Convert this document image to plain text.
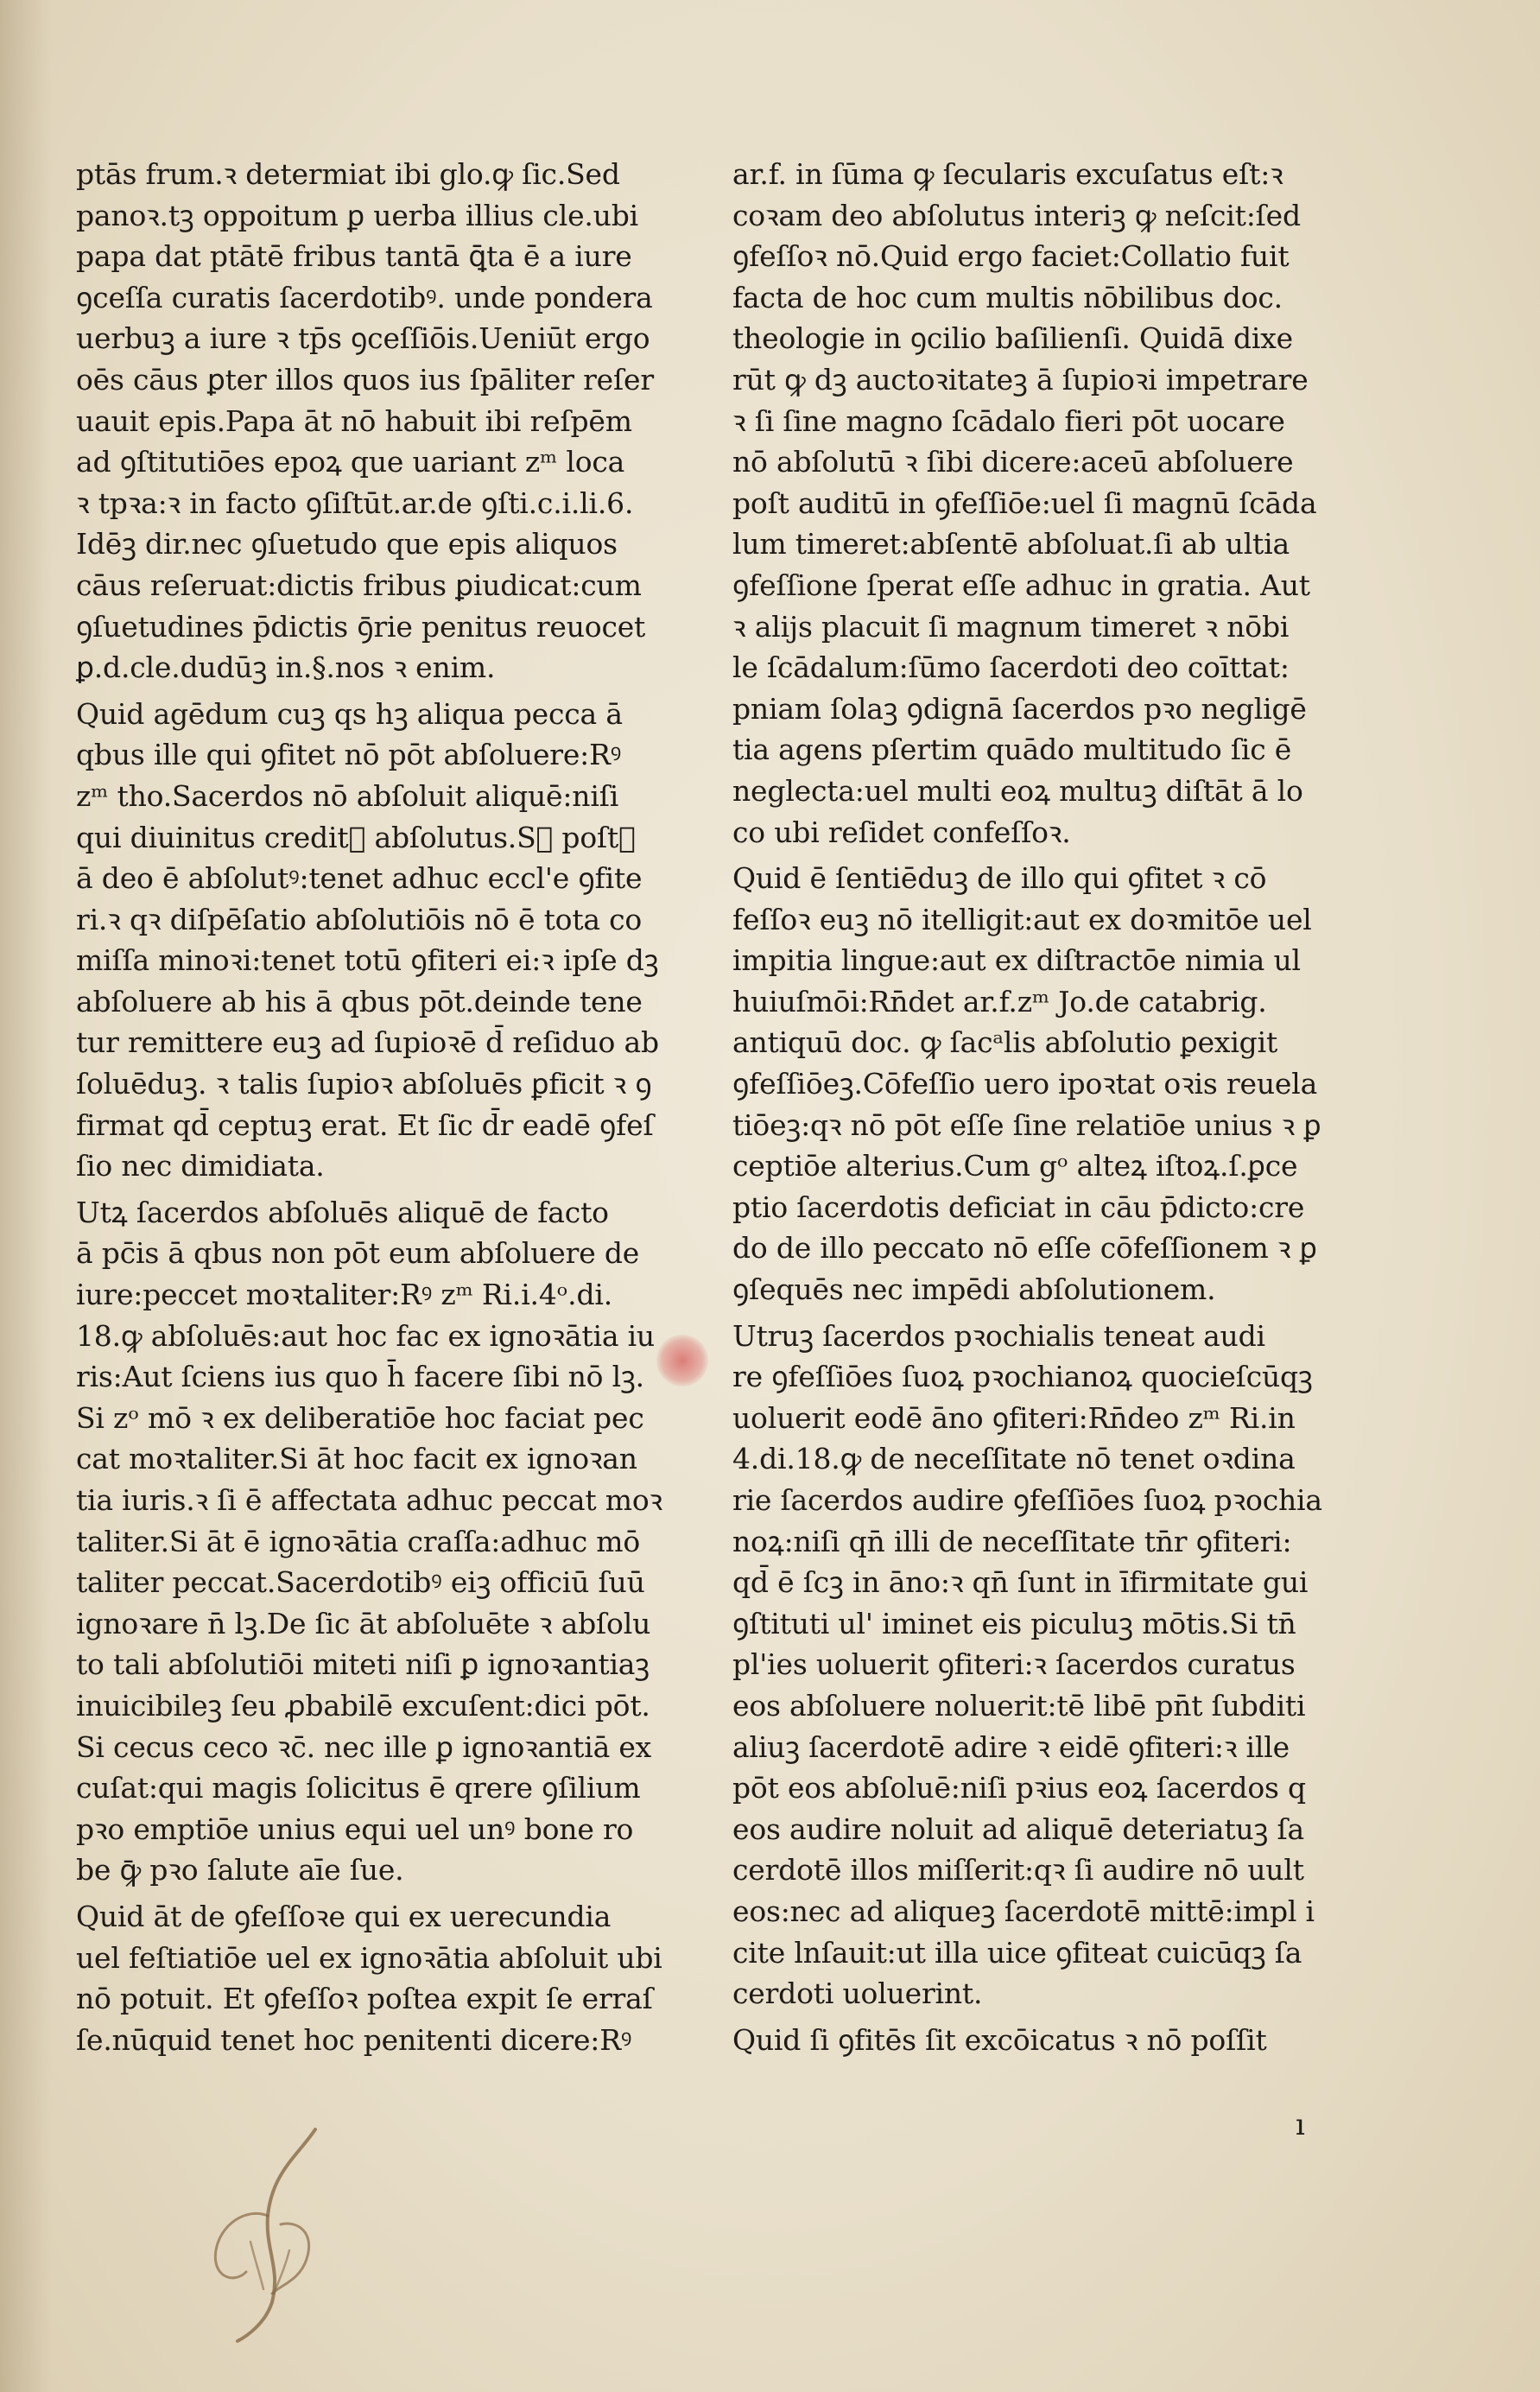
ptās frum.ꝛ determiat ibi glo.ꝙ ſic.Sed
panoꝛ.tꝫ oppoitum ꝑ uerba illius cle.ubi
papa dat ptātē fribus tantā ꝗ̄ta ē a iure
ꝯceſſa curatis ſacerdotibꝰ. unde pondera
uerbuꝫ a iure ꝛ tp̄s ꝯceſſiōis.Ueniūt ergo
oēs cāus ꝑter illos quos ius ſpāliter reſer
uauit epis.Papa āt nō habuit ibi reſpēm
ad ꝯſtitutiōes epoꝝ que uariant zᵐ loca
ꝛ tpꝛa:ꝛ in facto ꝯſiſtūt.ar.de ꝯſti.c.i.li.6.
Idēꝫ dir.nec ꝯſuetudo que epis aliquos
cāus reſeruat:dictis fribus ꝑiudicat:cum
ꝯſuetudines p̄dictis ꝯ̄rie penitus reuocet
ꝑ.d.cle.dudūꝫ in.§.nos ꝛ enim.
Quid agēdum cuꝫ qs hꝫ aliqua pecca ā
qbus ille qui ꝯfitet nō pōt abſoluere:Rꝰ
zᵐ tho.Sacerdos nō abſoluit aliquē:niſi
qui diuinitus creditᷣ abſolutus.Sꝫ poſtꝙ
ā deo ē abſolutꝰ:tenet adhuc eccl'e ꝯfite
ri.ꝛ qꝛ diſpēſatio abſolutiōis nō ē tota co
miſſa minoꝛi:tenet totū ꝯfiteri ei:ꝛ ipſe dꝫ
abſoluere ab his ā qbus pōt.deinde tene
tur remittere euꝫ ad ſupioꝛē d̄ reſiduo ab
ſoluēduꝫ. ꝛ talis ſupioꝛ abſoluēs ꝑficit ꝛ ꝯ
firmat qd̄ ceptuꝫ erat. Et ſic d̄r eadē ꝯfeſ
ſio nec dimidiata.
Utꝝ ſacerdos abſoluēs aliquē de facto
ā pc̄is ā qbus non pōt eum abſoluere de
iure:peccet moꝛtaliter:Rꝰ zᵐ Ri.i.4ᵒ.di.
18.ꝙ abſoluēs:aut hoc fac ex ignoꝛātia iu
ris:Aut ſciens ius quo h̄ facere ſibi nō lꝫ.
Si zᵒ mō ꝛ ex deliberatiōe hoc faciat pec
cat moꝛtaliter.Si āt hoc facit ex ignoꝛan
tia iuris.ꝛ ſi ē affectata adhuc peccat moꝛ
taliter.Si āt ē ignoꝛātia craſſa:adhuc mō
taliter peccat.Sacerdotibꝰ eiꝫ officiū ſuū
ignoꝛare n̄ lꝫ.De ſic āt abſoluēte ꝛ abſolu
to tali abſolutiōi miteti niſi ꝑ ignoꝛantiaꝫ
inuicibileꝫ ſeu ꝓbabilē excuſent:dici pōt.
Si cecus ceco ꝛc̄. nec ille ꝑ ignoꝛantiā ex
cuſat:qui magis ſolicitus ē qrere ꝯſilium
pꝛo emptiōe unius equi uel unꝰ bone ro
be ꝙ̄ pꝛo ſalute aīe ſue.
Quid āt de ꝯfeſſoꝛe qui ex uerecundia
uel feſtiatiōe uel ex ignoꝛātia abſoluit ubi
nō potuit. Et ꝯfeſſoꝛ poſtea expit ſe erraſ
ſe.nūquid tenet hoc penitenti dicere:Rꝰ
ar.f. in ſūma ꝙ ſecularis excuſatus eſt:ꝛ
coꝛam deo abſolutus interiꝫ ꝙ neſcit:ſed
ꝯfeſſoꝛ nō.Quid ergo faciet:Collatio fuit
facta de hoc cum multis nōbilibus doc.
theologie in ꝯcilio baſilienſi. Quidā dixe
rūt ꝙ dꝫ auctoꝛitateꝫ ā ſupioꝛi impetrare
ꝛ ſi ſine magno ſcādalo fieri pōt uocare
nō abſolutū ꝛ ſibi dicere:aceū abſoluere
poſt auditū in ꝯfeſſiōe:uel ſi magnū ſcāda
lum timeret:abſentē abſoluat.ſi ab ultia
ꝯfeſſione ſperat eſſe adhuc in gratia. Aut
ꝛ alijs placuit ſi magnum timeret ꝛ nōbi
le ſcādalum:ſūmo ſacerdoti deo coīttat:
pniam ſolaꝫ ꝯdignā ſacerdos pꝛo negligē
tia agens pſertim quādo multitudo ſic ē
neglecta:uel multi eoꝝ multuꝫ diſtāt ā lo
co ubi reſidet confeſſoꝛ.
Quid ē ſentiēduꝫ de illo qui ꝯfitet ꝛ cō
feſſoꝛ euꝫ nō itelligit:aut ex doꝛmitōe uel
impitia lingue:aut ex diſtractōe nimia ul
huiuſmōi:Rn̄det ar.f.zᵐ Jo.de catabrig.
antiquū doc. ꝙ ſacᵃlis abſolutio ꝑexigit
ꝯfeſſiōeꝫ.Cōfeſſio uero ipoꝛtat oꝛis reuela
tiōeꝫ:qꝛ nō pōt eſſe ſine relatiōe unius ꝛ ꝑ
ceptiōe alterius.Cum gᵒ alteꝝ iſtoꝝ.ſ.ꝑce
ptio ſacerdotis deficiat in cāu p̄dicto:cre
do de illo peccato nō eſſe cōfeſſionem ꝛ ꝑ
ꝯſequēs nec impēdi abſolutionem.
Utruꝫ ſacerdos pꝛochialis teneat audi
re ꝯfeſſiōes ſuoꝝ pꝛochianoꝝ quocieſcūqꝫ
uoluerit eodē āno ꝯfiteri:Rn̄deo zᵐ Ri.in
4.di.18.ꝙ de neceſſitate nō tenet oꝛdina
rie ſacerdos audire ꝯfeſſiōes ſuoꝝ pꝛochia
noꝝ:niſi qn̄ illi de neceſſitate tn̄r ꝯfiteri:
qd̄ ē ſcꝫ in āno:ꝛ qn̄ ſunt in īfirmitate gui
ꝯſtituti ul' iminet eis piculuꝫ mōtis.Si tn̄
pl'ies uoluerit ꝯfiteri:ꝛ ſacerdos curatus
eos abſoluere noluerit:tē libē pn̄t ſubditi
aliuꝫ ſacerdotē adire ꝛ eidē ꝯfiteri:ꝛ ille
pōt eos abſoluē:niſi pꝛius eoꝝ ſacerdos q
eos audire noluit ad aliquē deteriatuꝫ ſa
cerdotē illos miſſerit:qꝛ ſi audire nō uult
eos:nec ad aliqueꝫ ſacerdotē mittē:impl i
cite lnſauit:ut illa uice ꝯfiteat cuicūqꝫ ſa
cerdoti uoluerint.
Quid ſi ꝯfitēs ſit excōicatus ꝛ nō poſſit
ı
